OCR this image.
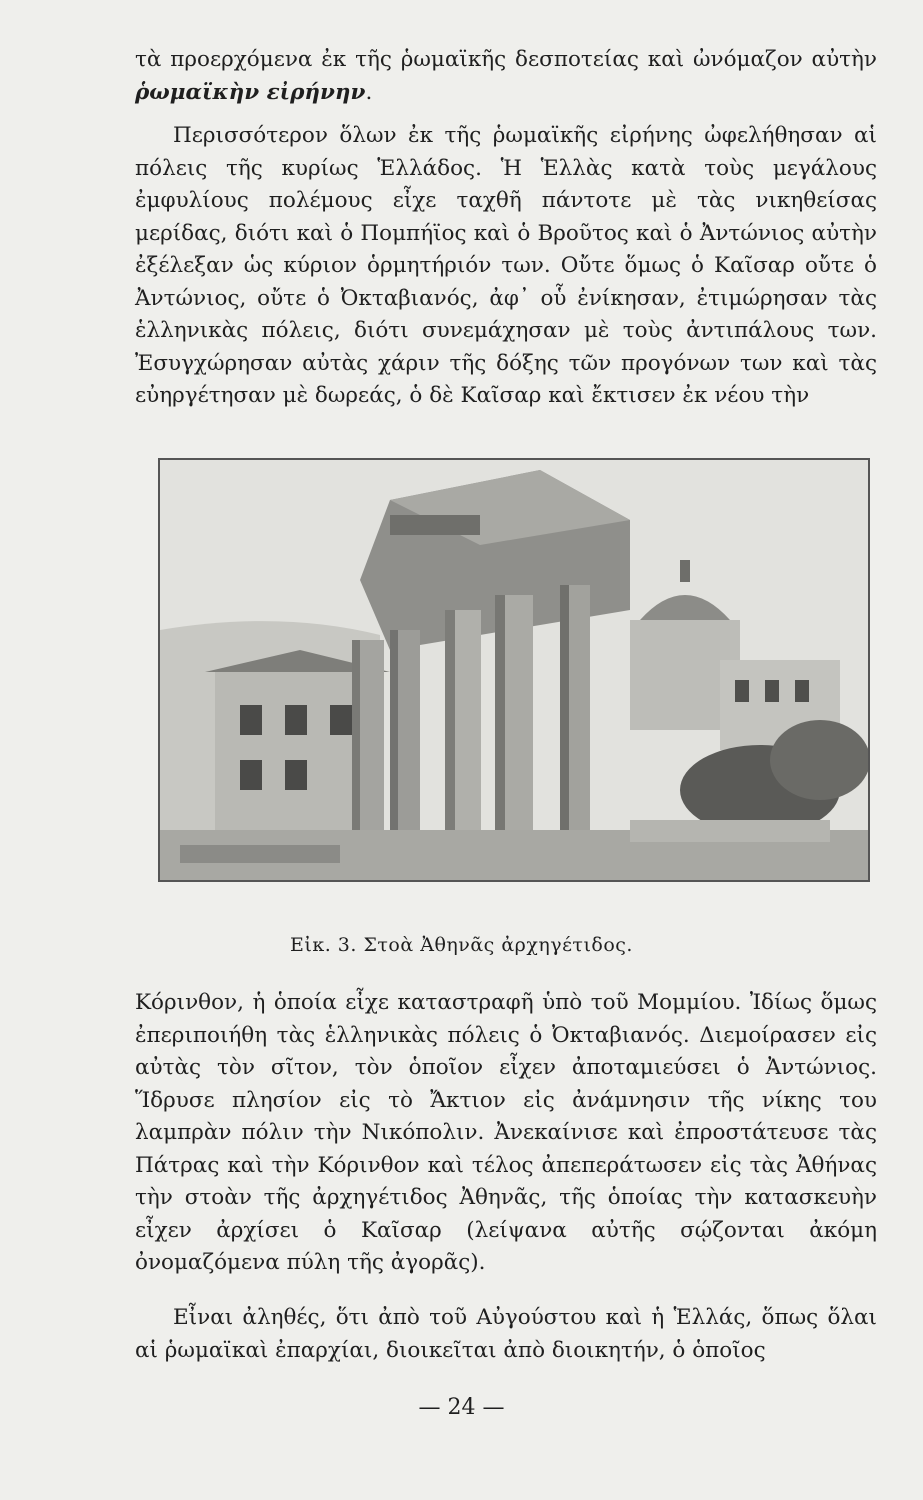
τὰ προερχόμενα ἐκ τῆς ῥωμαϊκῆς δεσποτείας καὶ ὠνόμαζον αὐτὴν ῥωμαϊκὴν εἰρήνην.

Περισσότερον ὅλων ἐκ τῆς ῥωμαϊκῆς εἰρήνης ὠφελήθησαν αἱ πόλεις τῆς κυρίως Ἑλλάδος. Ἡ Ἑλλὰς κατὰ τοὺς μεγάλους ἐμφυλίους πολέμους εἶχε ταχθῆ πάντοτε μὲ τὰς νικηθείσας μερίδας, διότι καὶ ὁ Πομπήϊος καὶ ὁ Βροῦτος καὶ ὁ Ἀντώνιος αὐτὴν ἐξέλεξαν ὡς κύριον ὁρμητήριόν των. Οὔτε ὅμως ὁ Καῖσαρ οὔτε ὁ Ἀντώνιος, οὔτε ὁ Ὀκταβιανός, ἀφ᾽ οὗ ἐνίκησαν, ἐτιμώρησαν τὰς ἑλληνικὰς πόλεις, διότι συνεμάχησαν μὲ τοὺς ἀντιπάλους των. Ἐσυγχώρησαν αὐτὰς χάριν τῆς δόξης τῶν προγόνων των καὶ τὰς εὐηργέτησαν μὲ δωρεάς, ὁ δὲ Καῖσαρ καὶ ἔκτισεν ἐκ νέου τὴν

Εἰκ. 3. Στοὰ Ἀθηνᾶς ἀρχηγέτιδος.

Κόρινθον, ἡ ὁποία εἶχε καταστραφῆ ὑπὸ τοῦ Μομμίου. Ἰδίως ὅμως ἐπεριποιήθη τὰς ἑλληνικὰς πόλεις ὁ Ὀκταβιανός. Διεμοίρασεν εἰς αὐτὰς τὸν σῖτον, τὸν ὁποῖον εἶχεν ἀποταμιεύσει ὁ Ἀντώνιος. Ἵδρυσε πλησίον εἰς τὸ Ἄκτιον εἰς ἀνάμνησιν τῆς νίκης του λαμπρὰν πόλιν τὴν Νικόπολιν. Ἀνεκαίνισε καὶ ἐπροστάτευσε τὰς Πάτρας καὶ τὴν Κόρινθον καὶ τέλος ἀπεπεράτωσεν εἰς τὰς Ἀθήνας τὴν στοὰν τῆς ἀρχηγέτιδος Ἀθηνᾶς, τῆς ὁποίας τὴν κατασκευὴν εἶχεν ἀρχίσει ὁ Καῖσαρ (λείψανα αὐτῆς σῴζονται ἀκόμη ὀνομαζόμενα πύλη τῆς ἀγορᾶς).

Εἶναι ἀληθές, ὅτι ἀπὸ τοῦ Αὐγούστου καὶ ἡ Ἑλλάς, ὅπως ὅλαι αἱ ῥωμαϊκαὶ ἐπαρχίαι, διοικεῖται ἀπὸ διοικητήν, ὁ ὁποῖος

— 24 —
